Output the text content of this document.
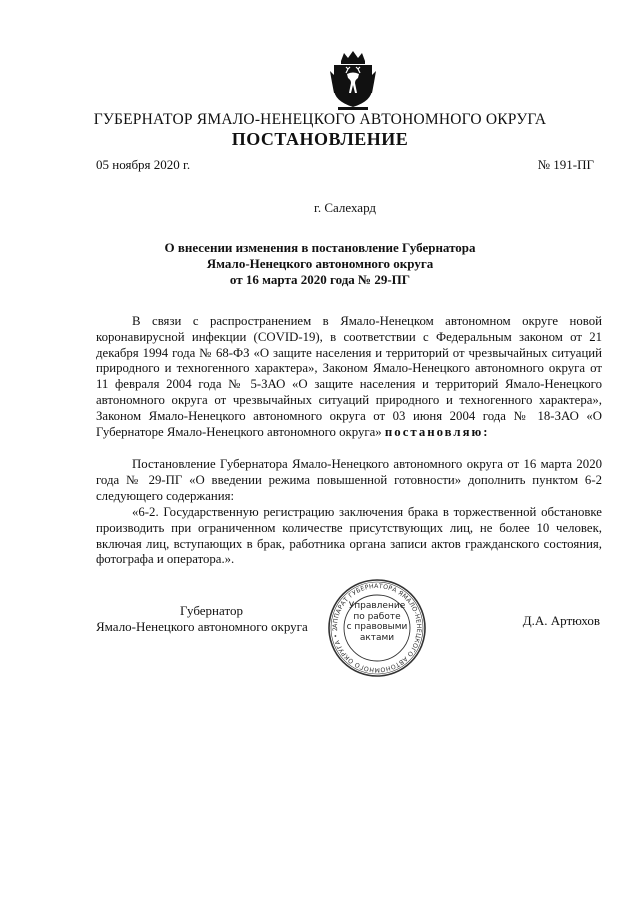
ГУБЕРНАТОР ЯМАЛО-НЕНЕЦКОГО АВТОНОМНОГО ОКРУГА
ПОСТАНОВЛЕНИЕ
05 ноября 2020 г.	№ 191-ПГ
г. Салехард
О внесении изменения в постановление Губернатора
Ямало-Ненецкого автономного округа
от 16 марта 2020 года № 29-ПГ
В связи с распространением в Ямало-Ненецком автономном округе новой коронавирусной инфекции (COVID-19), в соответствии с Федеральным законом от 21 декабря 1994 года № 68-ФЗ «О защите населения и территорий от чрезвычайных ситуаций природного и техногенного характера», Законом Ямало-Ненецкого автономного округа от 11 февраля 2004 года № 5-ЗАО «О защите населения и территорий Ямало-Ненецкого автономного округа от чрезвычайных ситуаций природного и техногенного характера», Законом Ямало-Ненецкого автономного округа от 03 июня 2004 года № 18-ЗАО «О Губернаторе Ямало-Ненецкого автономного округа» постановляю:
Постановление Губернатора Ямало-Ненецкого автономного округа от 16 марта 2020 года № 29-ПГ «О введении режима повышенной готовности» дополнить пунктом 6-2 следующего содержания:
«6-2. Государственную регистрацию заключения брака в торжественной обстановке производить при ограниченном количестве присутствующих лиц, не более 10 человек, включая лиц, вступающих в брак, работника органа записи актов гражданского состояния, фотографа и оператора.».
Губернатор
Ямало-Ненецкого автономного округа	Д.А. Артюхов
АППАРАТ ГУБЕРНАТОРА ЯМАЛО-НЕНЕЦКОГО АВТОНОМНОГО ОКРУГА • 2
Управление
по работе
с правовыми
актами
